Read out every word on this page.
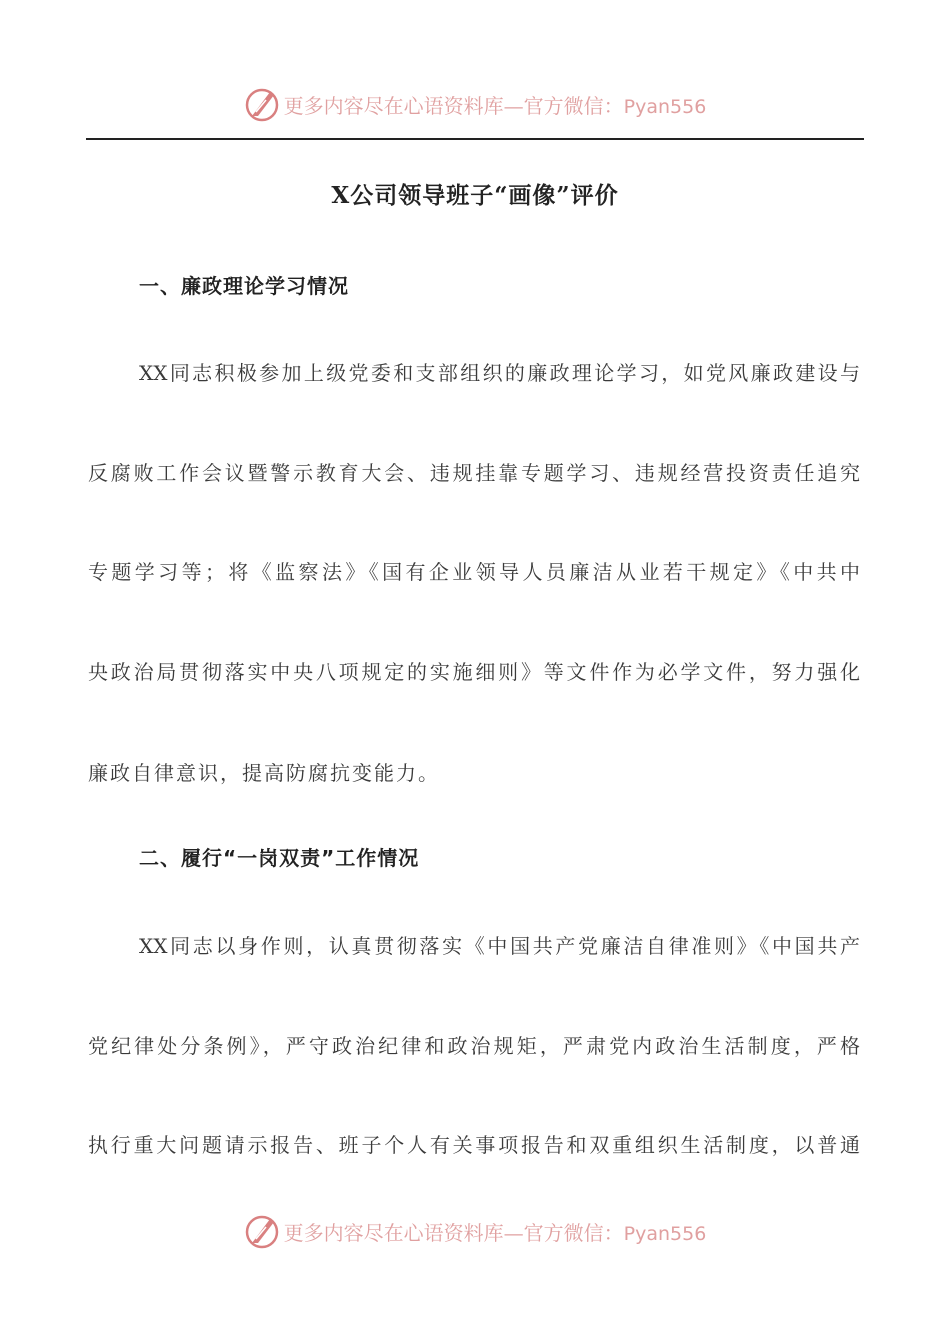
更多内容尽在心语资料库—官方微信：Pyan556
X公司领导班子“画像”评价
一、廉政理论学习情况
XX同志积极参加上级党委和支部组织的廉政理论学习，如党风廉政建设与
反腐败工作会议暨警示教育大会、违规挂靠专题学习、违规经营投资责任追究
专题学习等；将《监察法》《国有企业领导人员廉洁从业若干规定》《中共中
央政治局贯彻落实中央八项规定的实施细则》等文件作为必学文件，努力强化
廉政自律意识，提高防腐抗变能力。
二、履行“一岗双责”工作情况
XX同志以身作则，认真贯彻落实《中国共产党廉洁自律准则》《中国共产
党纪律处分条例》，严守政治纪律和政治规矩，严肃党内政治生活制度，严格
执行重大问题请示报告、班子个人有关事项报告和双重组织生活制度，以普通
更多内容尽在心语资料库—官方微信：Pyan556
